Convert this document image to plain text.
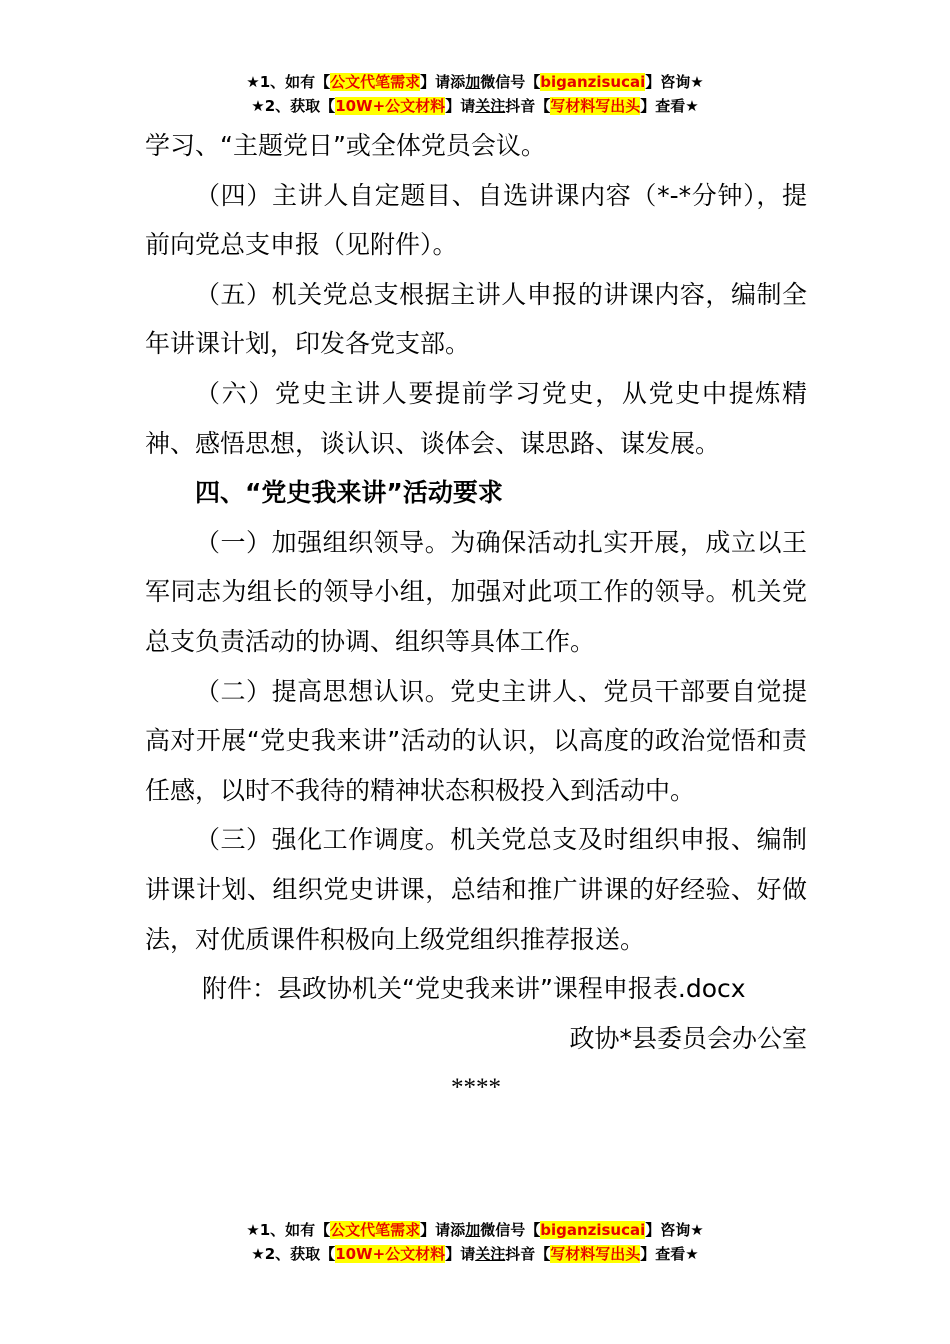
★1、如有【公文代笔需求】请添加微信号【biganzisucai】咨询★
★2、获取【10W+公文材料】请关注抖音【写材料写出头】查看★

学习、“主题党日”或全体党员会议。

（四）主讲人自定题目、自选讲课内容（*-*分钟），提前向党总支申报（见附件）。

（五）机关党总支根据主讲人申报的讲课内容，编制全年讲课计划，印发各党支部。

（六）党史主讲人要提前学习党史，从党史中提炼精神、感悟思想，谈认识、谈体会、谋思路、谋发展。

四、“党史我来讲”活动要求

（一）加强组织领导。为确保活动扎实开展，成立以王军同志为组长的领导小组，加强对此项工作的领导。机关党总支负责活动的协调、组织等具体工作。

（二）提高思想认识。党史主讲人、党员干部要自觉提高对开展“党史我来讲”活动的认识，以高度的政治觉悟和责任感，以时不我待的精神状态积极投入到活动中。

（三）强化工作调度。机关党总支及时组织申报、编制讲课计划、组织党史讲课，总结和推广讲课的好经验、好做法，对优质课件积极向上级党组织推荐报送。

附件：县政协机关“党史我来讲”课程申报表.docx

政协*县委员会办公室

****

★1、如有【公文代笔需求】请添加微信号【biganzisucai】咨询★
★2、获取【10W+公文材料】请关注抖音【写材料写出头】查看★
